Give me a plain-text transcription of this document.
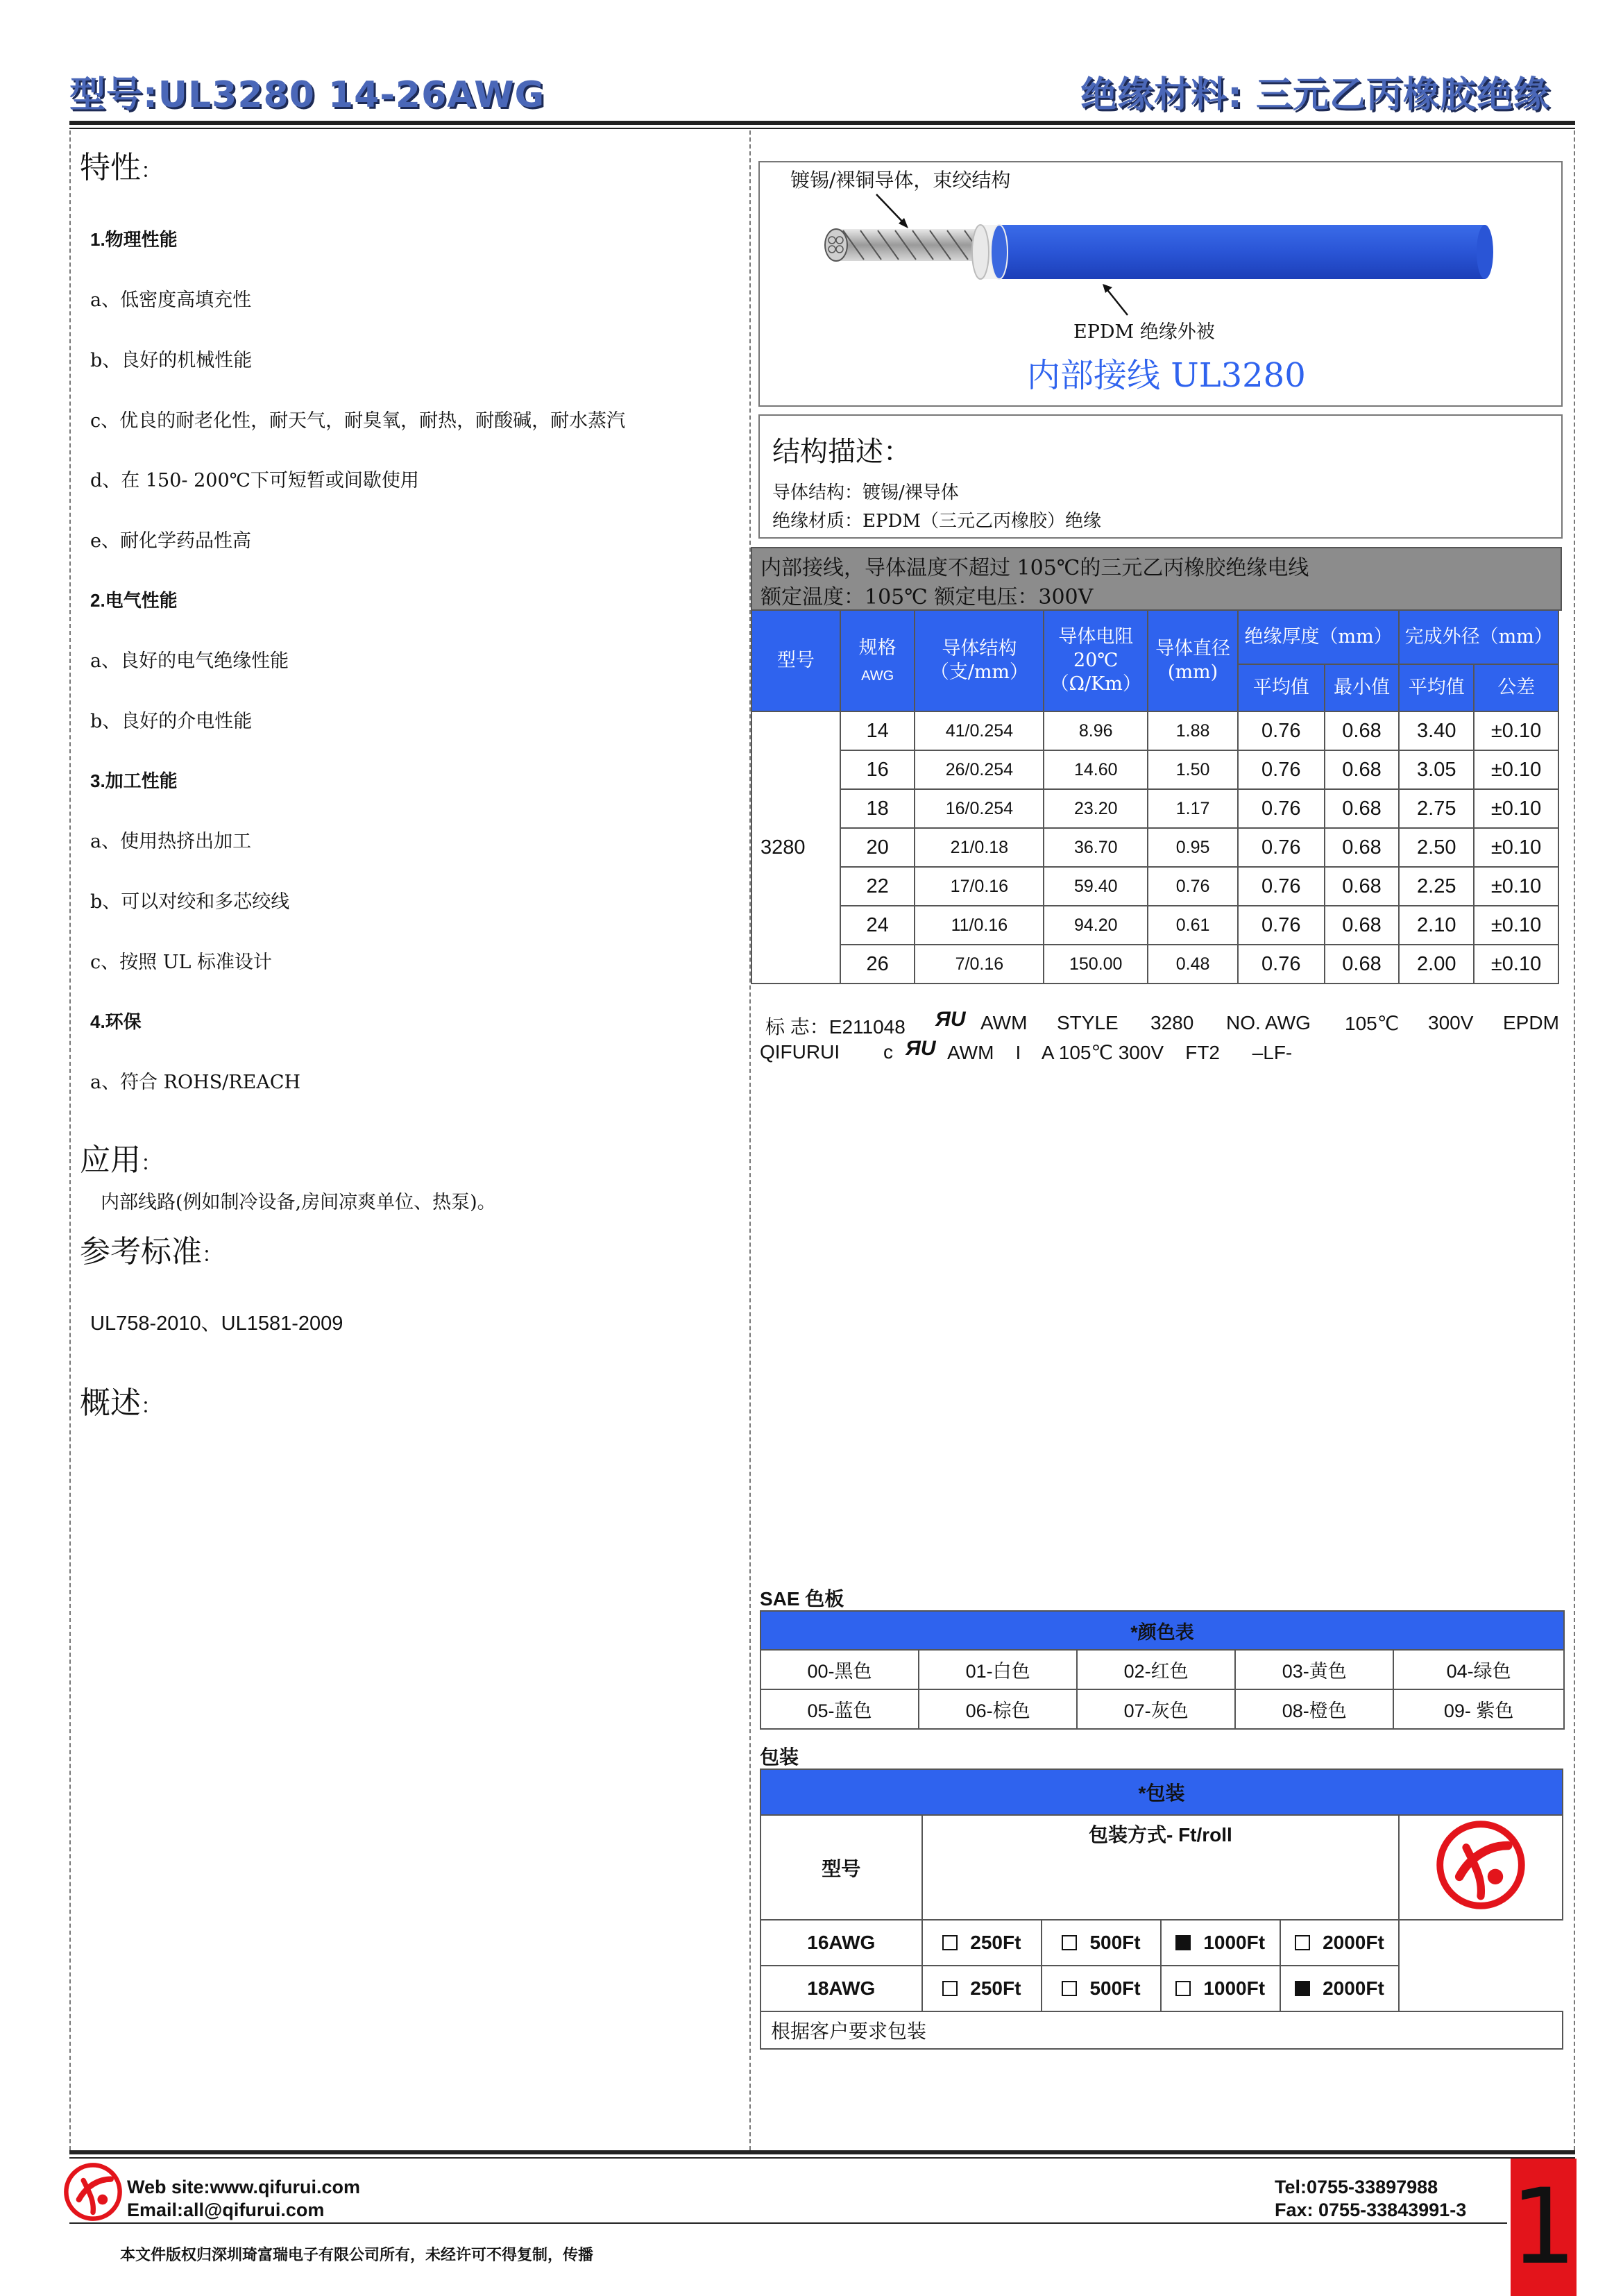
型号:UL3280 14-26AWG	绝缘材料: 三元乙丙橡胶绝缘
特性：
1.物理性能
a、低密度高填充性
b、良好的机械性能
c、优良的耐老化性，耐天气，耐臭氧，耐热，耐酸碱，耐水蒸汽
d、在 150- 200℃下可短暂或间歇使用
e、耐化学药品性高
2.电气性能
a、良好的电气绝缘性能
b、良好的介电性能
3.加工性能
a、使用热挤出加工
b、可以对绞和多芯绞线
c、按照 UL 标准设计
4.环保
a、符合 ROHS/REACH
应用：
内部线路(例如制冷设备,房间凉爽单位、热泵)。
参考标准：
UL758-2010、UL1581-2009
概述：
镀锡/裸铜导体，束绞结构
EPDM 绝缘外被
内部接线 UL3280
结构描述：
导体结构：镀锡/裸导体
绝缘材质：EPDM（三元乙丙橡胶）绝缘
内部接线，导体温度不超过 105℃的三元乙丙橡胶绝缘电线
额定温度：105℃ 额定电压：300V
型号	规格
AWG	导体结构（支/mm）	导体电阻 20℃（Ω/Km）	导体直径(mm)	绝缘厚度（mm）		完成外径（mm）	
					平均值	最小值	平均值	公差
3280	14	41/0.254	8.96	1.88	0.76	0.68	3.40	±0.10
	16	26/0.254	14.60	1.50	0.76	0.68	3.05	±0.10
	18	16/0.254	23.20	1.17	0.76	0.68	2.75	±0.10
	20	21/0.18	36.70	0.95	0.76	0.68	2.50	±0.10
	22	17/0.16	59.40	0.76	0.76	0.68	2.25	±0.10
	24	11/0.16	94.20	0.61	0.76	0.68	2.10	±0.10
	26	7/0.16	150.00	0.48	0.76	0.68	2.00	±0.10
标 志：E211048 ЯU AWM STYLE 3280 NO. AWG 105℃ 300V EPDM
QIFURUI c ЯU AWM    I    A 105℃ 300V    FT2      –LF-
SAE 色板
*颜色表				
00-黑色	01-白色	02-红色	03-黄色	04-绿色
05-蓝色	06-棕色	07-灰色	08-橙色	09- 紫色
包装
*包装					
型号	包装方式- Ft/roll	
16AWG	250Ft	500Ft	1000Ft	2000Ft	
18AWG	250Ft	500Ft	1000Ft	2000Ft	
根据客户要求包装					
Web site:www.qifurui.com
Email:all@qifurui.com
Tel:0755-33897988
Fax: 0755-33843991-3
本文件版权归深圳琦富瑞电子有限公司所有，未经许可不得复制，传播	1
